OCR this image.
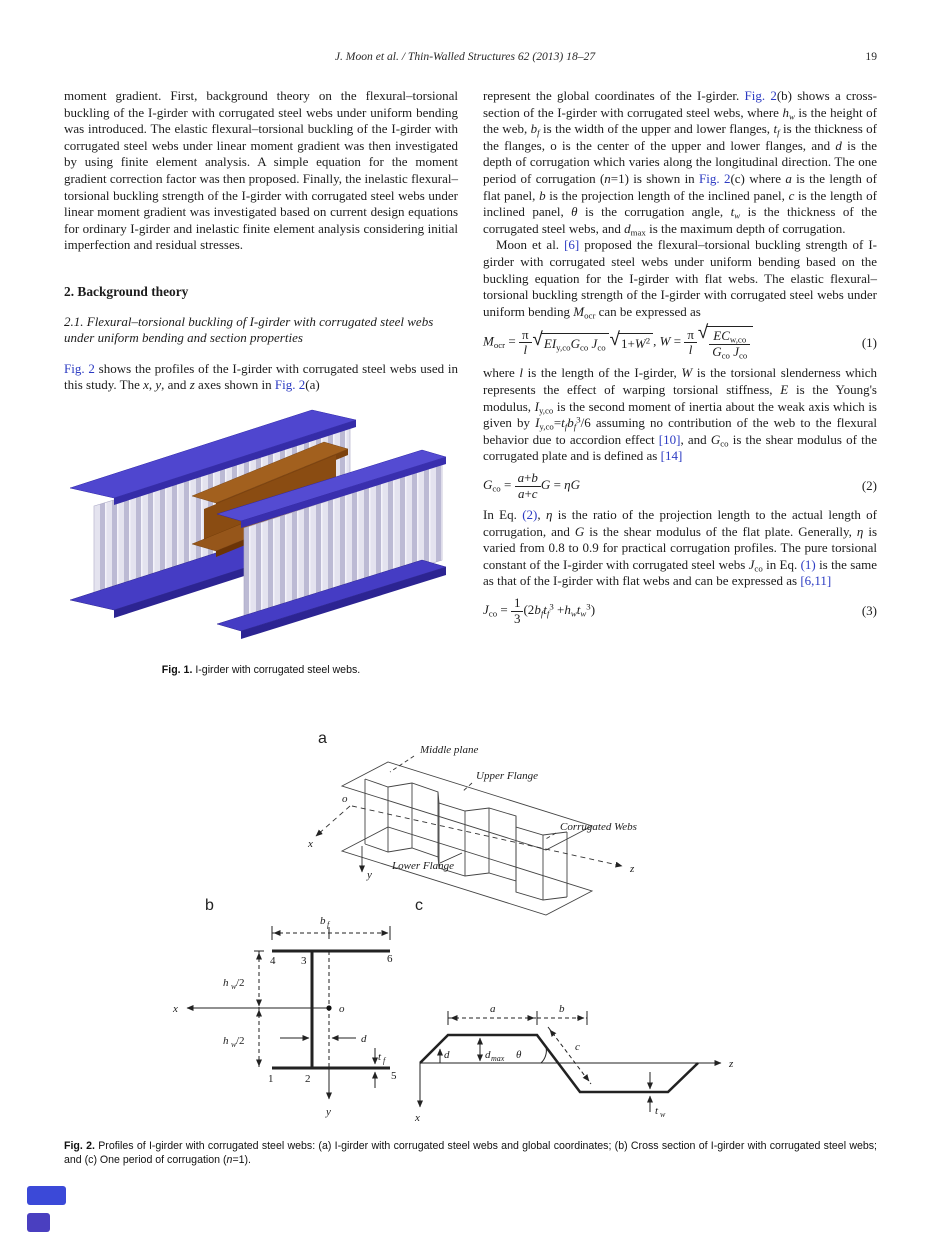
J. Moon et al. / Thin-Walled Structures 62 (2013) 18–27	19
moment gradient. First, background theory on the flexural–torsional buckling of the I-girder with corrugated steel webs under uniform bending was introduced. The elastic flexural–torsional buckling of the I-girder with corrugated steel webs under linear moment gradient was then investigated by using finite element analysis. A simple equation for the moment gradient correction factor was then proposed. Finally, the inelastic flexural–torsional buckling strength of the I-girder with corrugated steel webs under linear moment gradient was investigated based on current design equations for ordinary I-girder and inelastic finite element analysis considering initial imperfection and residual stresses.
2. Background theory
2.1. Flexural–torsional buckling of I-girder with corrugated steel webs under uniform bending and section properties
Fig. 2 shows the profiles of the I-girder with corrugated steel webs used in this study. The x, y, and z axes shown in Fig. 2(a)
Fig. 1. I-girder with corrugated steel webs.
represent the global coordinates of the I-girder. Fig. 2(b) shows a cross-section of the I-girder with corrugated steel webs, where $h_w$ is the height of the web, $b_f$ is the width of the upper and lower flanges, $t_f$ is the thickness of the flanges, o is the center of the upper and lower flanges, and d is the depth of corrugation which varies along the longitudinal direction. The one period of corrugation (n=1) is shown in Fig. 2(c) where a is the length of flat panel, b is the projection length of the inclined panel, c is the length of inclined panel, θ is the corrugation angle, $t_w$ is the thickness of the corrugated steel webs, and $d_{max}$ is the maximum depth of corrugation.
Moon et al. [6] proposed the flexural–torsional buckling strength of I-girder with corrugated steel webs under uniform bending based on the buckling equation for the I-girder with flat webs. The elastic flexural–torsional buckling strength of the I-girder with corrugated steel webs under uniform bending $M_{ocr}$ can be expressed as
$M_{ocr} = \frac{\pi}{l}$ √ $EI_{y,co}G_{co}$ $J_{co}$ √ $1+W^2$ , $W = \frac{\pi}{l}$ √ $\frac{EC_{w,co}}{G_{co} J_{co}}$	(1)
where l is the length of the I-girder, W is the torsional slenderness which represents the effect of warping torsional stiffness, E is the Young's modulus, $I_{y,co}$ is the second moment of inertia about the weak axis which is given by $I_{y,co}=t_fb_f^3/6$ assuming no contribution of the web to the flexural behavior due to accordion effect [10], and $G_{co}$ is the shear modulus of the corrugated plate and is defined as [14]
$G_{co} = \frac{a+b}{a+c}$ G = ηG	(2)
In Eq. (2), η is the ratio of the projection length to the actual length of corrugation, and G is the shear modulus of the flat plate. Generally, η is varied from 0.8 to 0.9 for practical corrugation profiles. The pure torsional constant of the I-girder with corrugated steel webs $J_{co}$ in Eq. (1) is the same as that of the I-girder with flat webs and can be expressed as [6,11]
$J_{co} = \frac{1}{3} (2b_ft_f^3 +h_wt_w^3)$	(3)
a
b	c
Middle plane
Upper Flange
Corrugated Webs
Lower Flange
o
x
y	z
b f
h w/2
h w/2
4 3	6
1	2	5
x	o
y
d
t f
a	b
c
d	dmax θ
t w
z
x
Fig. 2. Profiles of I-girder with corrugated steel webs: (a) I-girder with corrugated steel webs and global coordinates; (b) Cross section of I-girder with corrugated steel webs; and (c) One period of corrugation (n=1).
